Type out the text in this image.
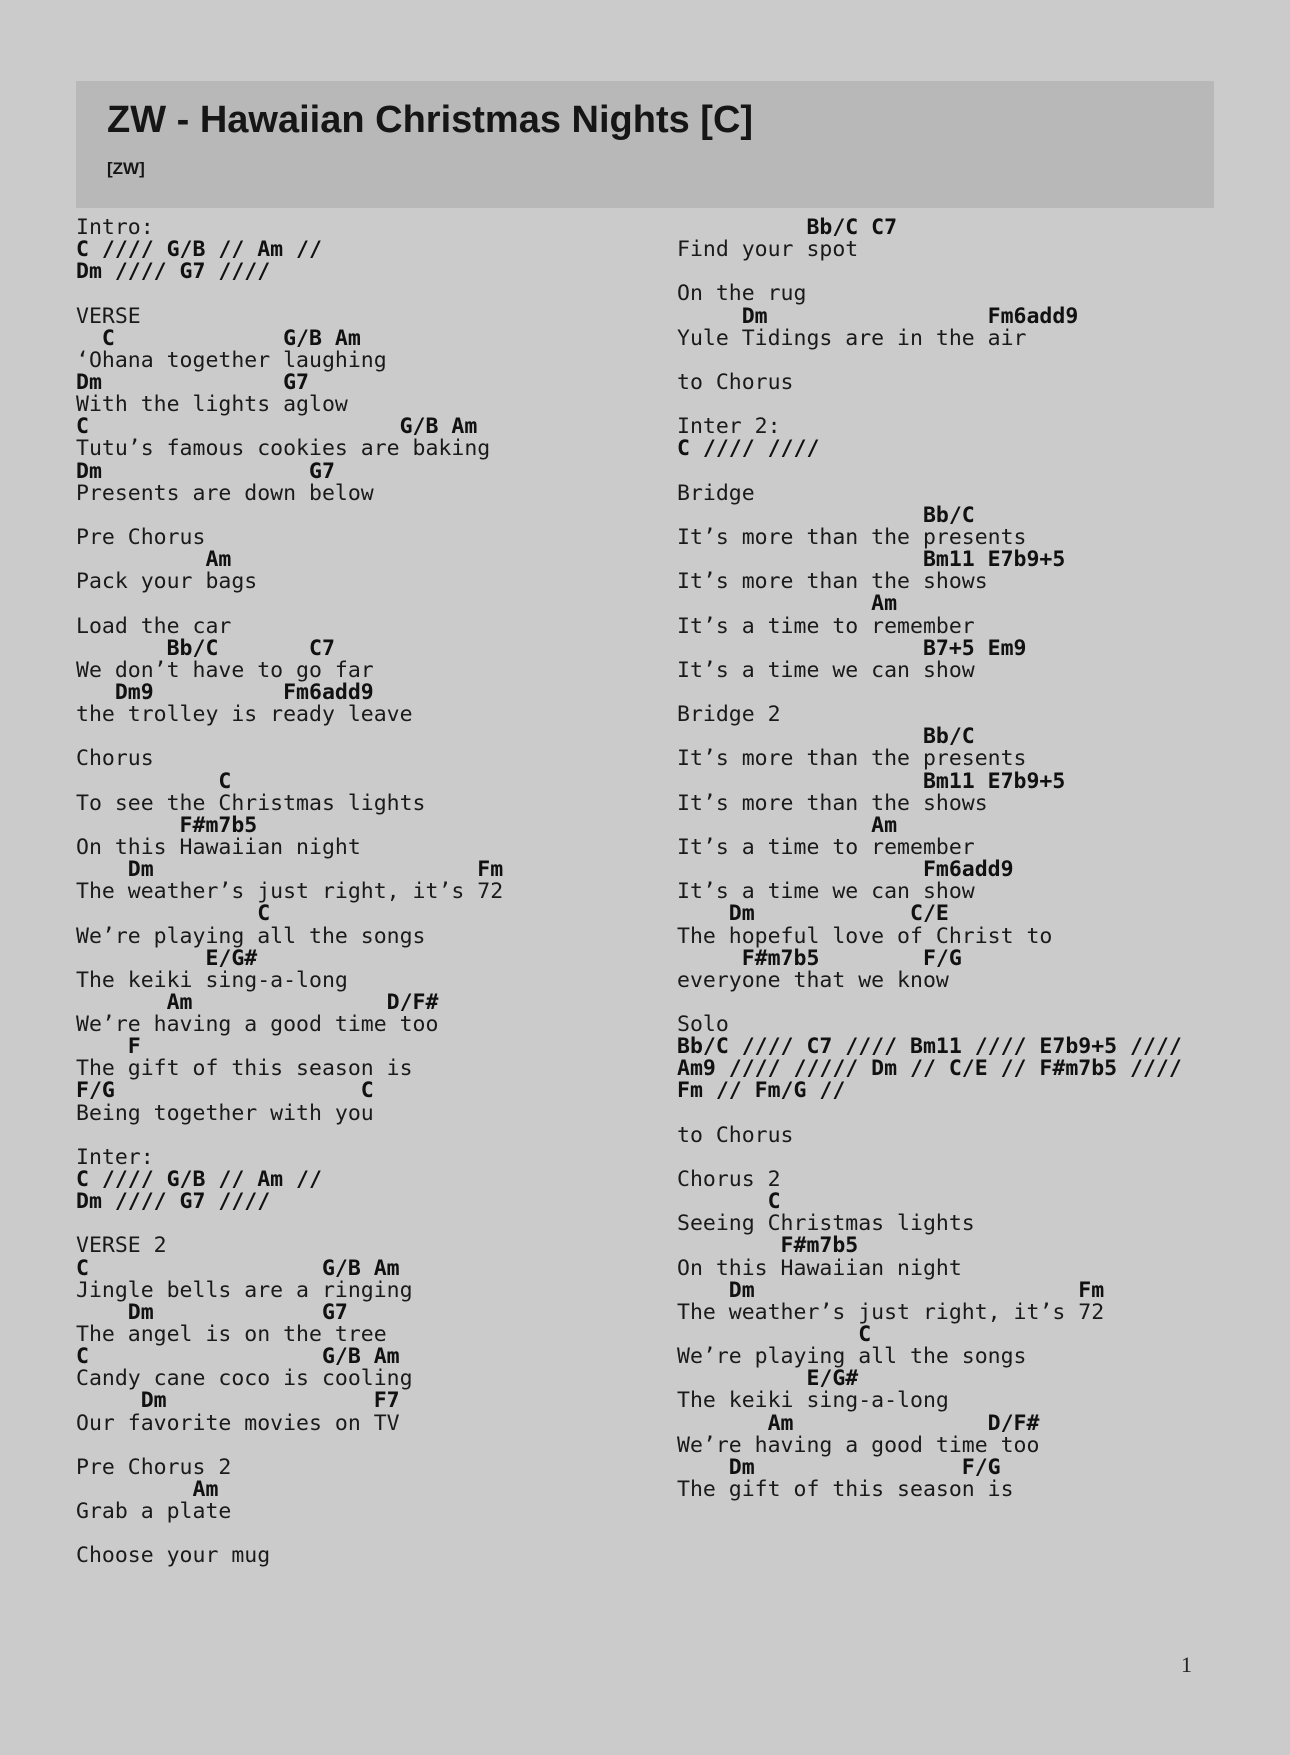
ZW - Hawaiian Christmas Nights [C]
[ZW]
Intro:
C //// G/B // Am //
Dm //// G7 ////
VERSE
C             G/B Am
‘Ohana together laughing
Dm              G7
With the lights aglow
C                        G/B Am
Tutu’s famous cookies are baking
Dm                G7
Presents are down below
Pre Chorus
Am
Pack your bags
Load the car
Bb/C       C7
We don’t have to go far
Dm9          Fm6add9
the trolley is ready leave
Chorus
C
To see the Christmas lights
F#m7b5
On this Hawaiian night
Dm                         Fm
The weather’s just right, it’s 72
C
We’re playing all the songs
E/G#
The keiki sing-a-long
Am               D/F#
We’re having a good time too
F
The gift of this season is
F/G                   C
Being together with you
Inter:
C //// G/B // Am //
Dm //// G7 ////
VERSE 2
C                  G/B Am
Jingle bells are a ringing
Dm             G7
The angel is on the tree
C                  G/B Am
Candy cane coco is cooling
Dm                F7
Our favorite movies on TV
Pre Chorus 2
Am
Grab a plate
Choose your mug
Bb/C C7
Find your spot
On the rug
Dm                 Fm6add9
Yule Tidings are in the air
to Chorus
Inter 2:
C //// ////
Bridge
Bb/C
It’s more than the presents
Bm11 E7b9+5
It’s more than the shows
Am
It’s a time to remember
B7+5 Em9
It’s a time we can show
Bridge 2
Bb/C
It’s more than the presents
Bm11 E7b9+5
It’s more than the shows
Am
It’s a time to remember
Fm6add9
It’s a time we can show
Dm            C/E
The hopeful love of Christ to
F#m7b5        F/G
everyone that we know
Solo
Bb/C //// C7 //// Bm11 //// E7b9+5 ////
Am9 //// ///// Dm // C/E // F#m7b5 ////
Fm // Fm/G //
to Chorus
Chorus 2
C
Seeing Christmas lights
F#m7b5
On this Hawaiian night
Dm                         Fm
The weather’s just right, it’s 72
C
We’re playing all the songs
E/G#
The keiki sing-a-long
Am               D/F#
We’re having a good time too
Dm                F/G
The gift of this season is
1
